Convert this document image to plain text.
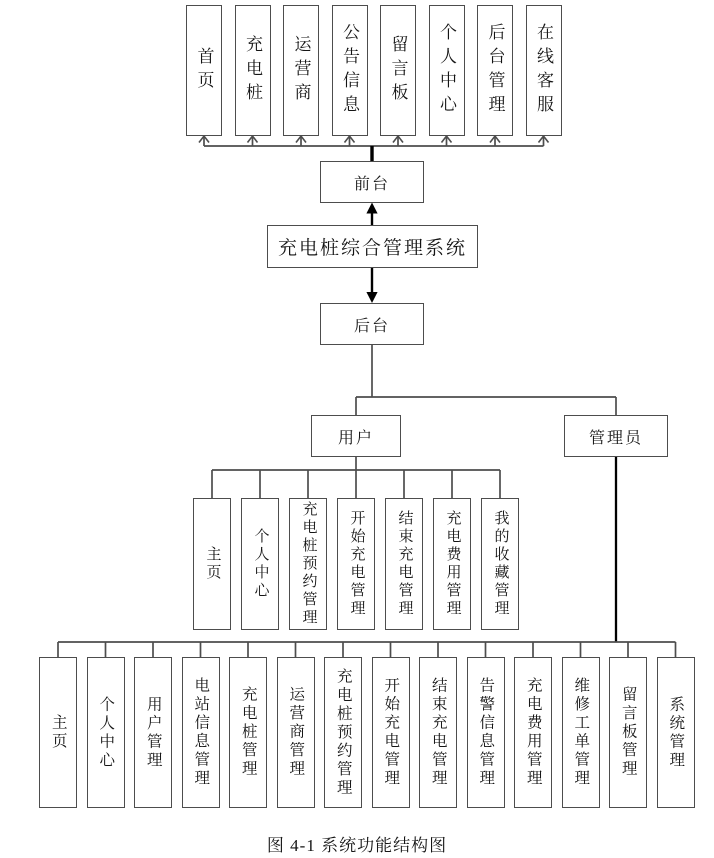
首页 充电桩 运营商 公告信息 留言板 个人中心 后台管理 在线客服
前台
充电桩综合管理系统
后台
用户	管理员
主页 个人中心 充电桩预约管理 开始充电管理 结束充电管理 充电费用管理 我的收藏管理
主页 个人中心 用户管理 电站信息管理 充电桩管理 运营商管理 充电桩预约管理 开始充电管理 结束充电管理 告警信息管理 充电费用管理 维修工单管理 留言板管理 系统管理
图 4-1 系统功能结构图
